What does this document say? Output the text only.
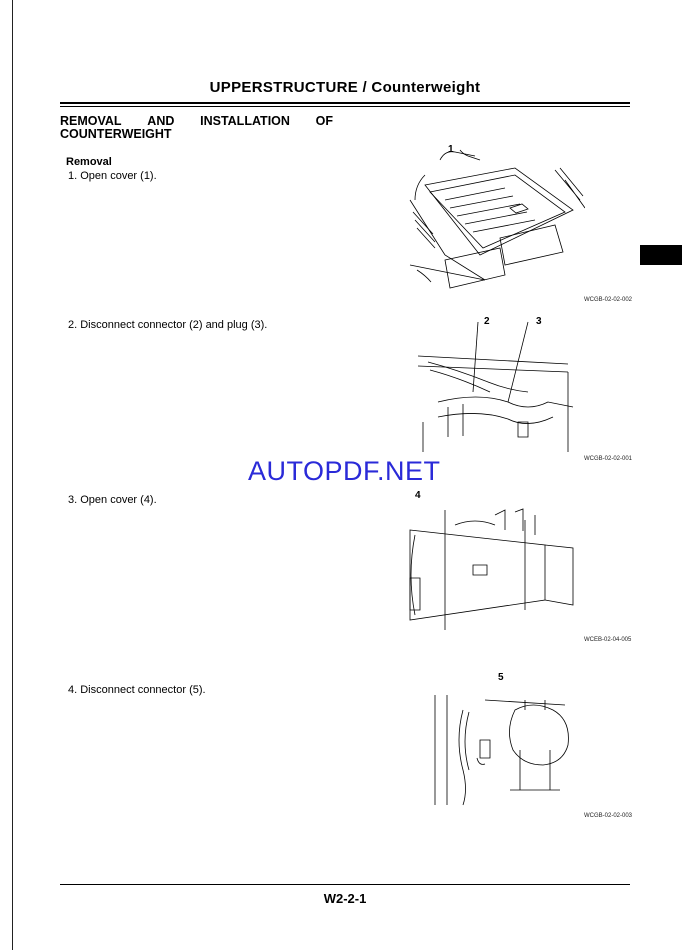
UPPERSTRUCTURE / Counterweight
REMOVAL AND INSTALLATION OF
COUNTERWEIGHT
Removal
1. Open cover (1).
2. Disconnect connector (2) and plug (3).
3. Open cover (4).
4. Disconnect connector (5).
1
WCGB-02-02-002
2	3
WCGB-02-02-001
AUTOPDF.NET
4
WCEB-02-04-005
5
WCGB-02-02-003
W2-2-1
